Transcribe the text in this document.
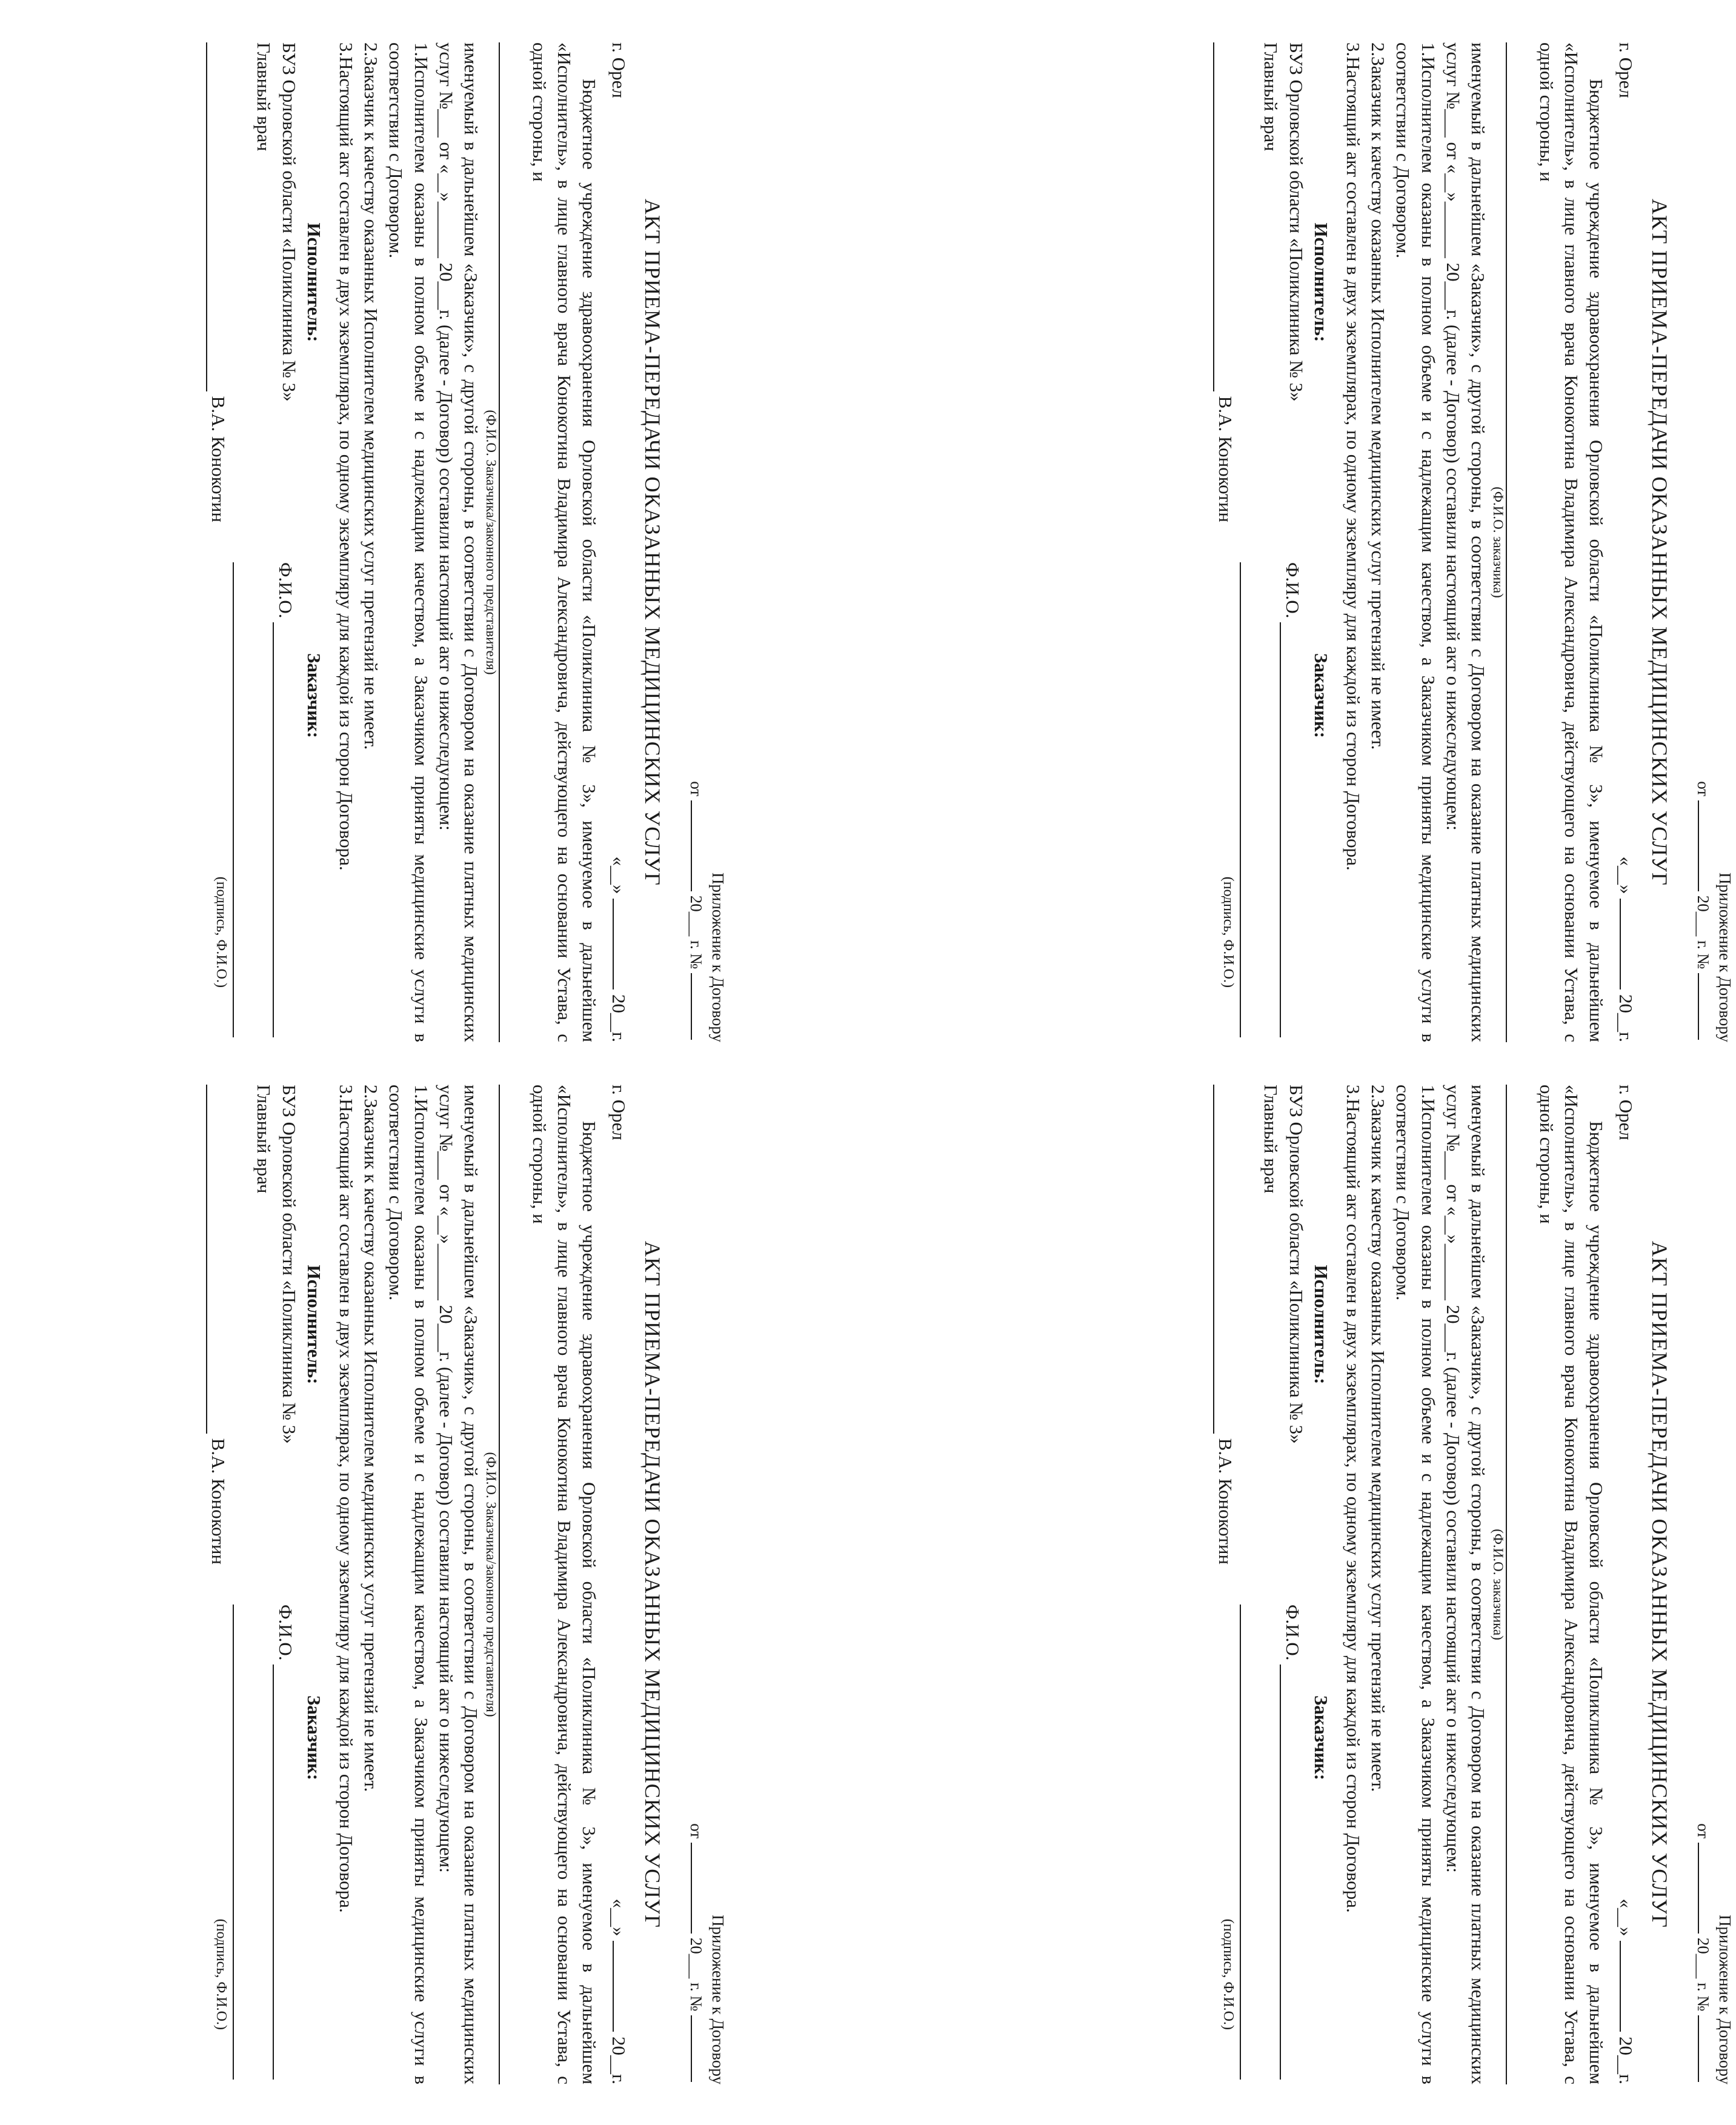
Приложение к Договору
от  20___ г. №
АКТ ПРИЕМА-ПЕРЕДАЧИ ОКАЗАННЫХ МЕДИЦИНСКИХ УСЛУГ
г. Орел
«__»  20__г.
Бюджетное учреждение здравоохранения Орловской области «Поликлиника № 3», именуемое в дальнейшем «Исполнитель», в лице главного врача Конокотина Владимира Александровича, действующего на основании Устава, с одной стороны, и
(Ф.И.О. заказчика)
именуемый в дальнейшем «Заказчик», с другой стороны, в соответствии с Договором на оказание платных медицинских услуг №___ от «__»______ 20___г. (далее - Договор) составили настоящий акт о нижеследующем:
1.Исполнителем оказаны в полном объеме и с надлежащим качеством, а Заказчиком приняты медицинские услуги в соответствии с Договором.
2.Заказчик к качеству оказанных Исполнителем медицинских услуг претензий не имеет.
3.Настоящий акт составлен в двух экземплярах, по одному экземпляру для каждой из сторон Договора.
Исполнитель:
БУЗ Орловской области «Поликлиника № 3»
Главный врач
В.А. Конокотин
Заказчик:
Ф.И.О.
(подпись, Ф.И.О.)
Приложение к Договору
от  20___ г. №
АКТ ПРИЕМА-ПЕРЕДАЧИ ОКАЗАННЫХ МЕДИЦИНСКИХ УСЛУГ
г. Орел
«__»  20__г.
Бюджетное учреждение здравоохранения Орловской области «Поликлиника № 3», именуемое в дальнейшем «Исполнитель», в лице главного врача Конокотина Владимира Александровича, действующего на основании Устава, с одной стороны, и
(Ф.И.О. Заказчика/законного представителя)
именуемый в дальнейшем «Заказчик», с другой стороны, в соответствии с Договором на оказание платных медицинских услуг №___ от «__»______ 20___г. (далее - Договор) составили настоящий акт о нижеследующем:
1.Исполнителем оказаны в полном объеме и с надлежащим качеством, а Заказчиком приняты медицинские услуги в соответствии с Договором.
2.Заказчик к качеству оказанных Исполнителем медицинских услуг претензий не имеет.
3.Настоящий акт составлен в двух экземплярах, по одному экземпляру для каждой из сторон Договора.
Исполнитель:
БУЗ Орловской области «Поликлиника № 3»
Главный врач
В.А. Конокотин
Заказчик:
Ф.И.О.
(подпись, Ф.И.О.)
Приложение к Договору
от  20___ г. №
АКТ ПРИЕМА-ПЕРЕДАЧИ ОКАЗАННЫХ МЕДИЦИНСКИХ УСЛУГ
г. Орел
«__»  20__г.
Бюджетное учреждение здравоохранения Орловской области «Поликлиника № 3», именуемое в дальнейшем «Исполнитель», в лице главного врача Конокотина Владимира Александровича, действующего на основании Устава, с одной стороны, и
(Ф.И.О. заказчика)
именуемый в дальнейшем «Заказчик», с другой стороны, в соответствии с Договором на оказание платных медицинских услуг №___ от «__»______ 20___г. (далее - Договор) составили настоящий акт о нижеследующем:
1.Исполнителем оказаны в полном объеме и с надлежащим качеством, а Заказчиком приняты медицинские услуги в соответствии с Договором.
2.Заказчик к качеству оказанных Исполнителем медицинских услуг претензий не имеет.
3.Настоящий акт составлен в двух экземплярах, по одному экземпляру для каждой из сторон Договора.
Исполнитель:
БУЗ Орловской области «Поликлиника № 3»
Главный врач
В.А. Конокотин
Заказчик:
Ф.И.О.
(подпись, Ф.И.О.)
Приложение к Договору
от  20___ г. №
АКТ ПРИЕМА-ПЕРЕДАЧИ ОКАЗАННЫХ МЕДИЦИНСКИХ УСЛУГ
г. Орел
«__»  20__г.
Бюджетное учреждение здравоохранения Орловской области «Поликлиника № 3», именуемое в дальнейшем «Исполнитель», в лице главного врача Конокотина Владимира Александровича, действующего на основании Устава, с одной стороны, и
(Ф.И.О. Заказчика/законного представителя)
именуемый в дальнейшем «Заказчик», с другой стороны, в соответствии с Договором на оказание платных медицинских услуг №___ от «__»______ 20___г. (далее - Договор) составили настоящий акт о нижеследующем:
1.Исполнителем оказаны в полном объеме и с надлежащим качеством, а Заказчиком приняты медицинские услуги в соответствии с Договором.
2.Заказчик к качеству оказанных Исполнителем медицинских услуг претензий не имеет.
3.Настоящий акт составлен в двух экземплярах, по одному экземпляру для каждой из сторон Договора.
Исполнитель:
БУЗ Орловской области «Поликлиника № 3»
Главный врач
В.А. Конокотин
Заказчик:
Ф.И.О.
(подпись, Ф.И.О.)
